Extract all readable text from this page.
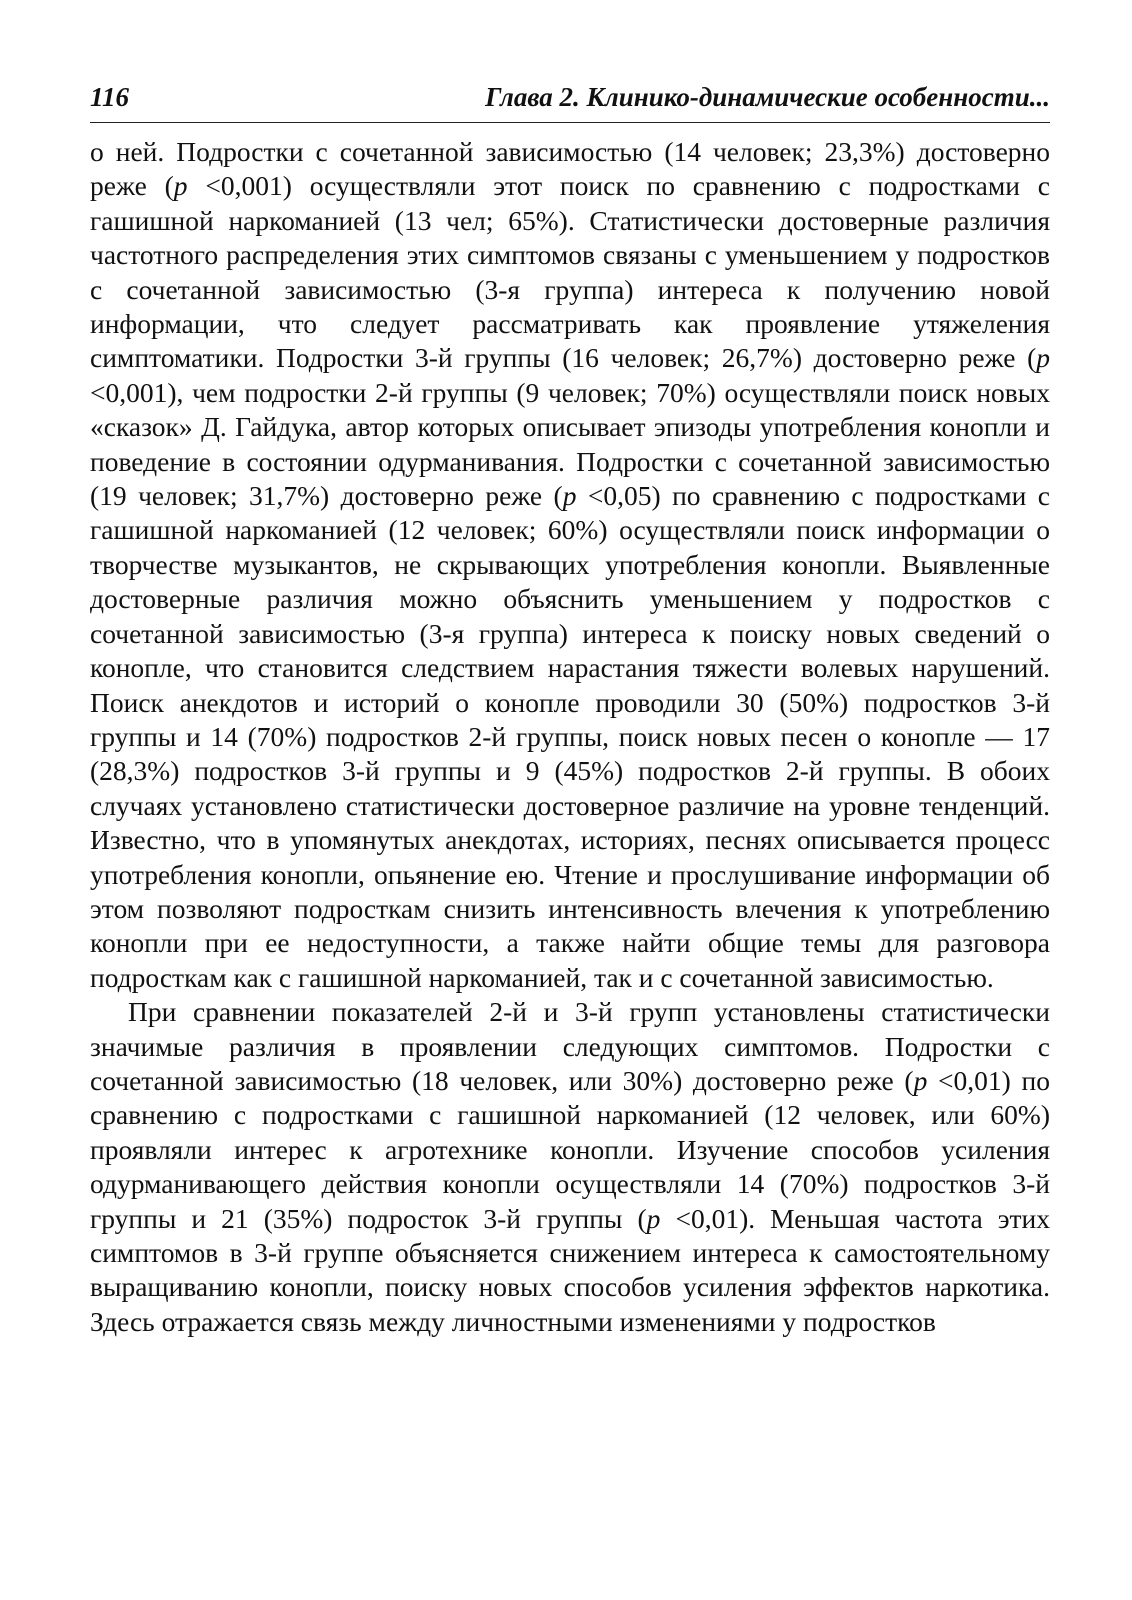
116	Глава 2. Клинико-динамические особенности...

о ней. Подростки с сочетанной зависимостью (14 человек; 23,3%) достоверно реже (p <0,001) осуществляли этот поиск по сравнению с подростками с гашишной наркоманией (13 чел; 65%). Статистически достоверные различия частотного распределения этих симптомов связаны с уменьшением у подростков с сочетанной зависимостью (3-я группа) интереса к получению новой информации, что следует рассматривать как проявление утяжеления симптоматики. Подростки 3-й группы (16 человек; 26,7%) достоверно реже (p <0,001), чем подростки 2-й группы (9 человек; 70%) осуществляли поиск новых «сказок» Д. Гайдука, автор которых описывает эпизоды употребления конопли и поведение в состоянии одурманивания. Подростки с сочетанной зависимостью (19 человек; 31,7%) достоверно реже (p <0,05) по сравнению с подростками с гашишной наркоманией (12 человек; 60%) осуществляли поиск информации о творчестве музыкантов, не скрывающих употребления конопли. Выявленные достоверные различия можно объяснить уменьшением у подростков с сочетанной зависимостью (3-я группа) интереса к поиску новых сведений о конопле, что становится следствием нарастания тяжести волевых нарушений. Поиск анекдотов и историй о конопле проводили 30 (50%) подростков 3-й группы и 14 (70%) подростков 2-й группы, поиск новых песен о конопле — 17 (28,3%) подростков 3-й группы и 9 (45%) подростков 2-й группы. В обоих случаях установлено статистически достоверное различие на уровне тенденций. Известно, что в упомянутых анекдотах, историях, песнях описывается процесс употребления конопли, опьянение ею. Чтение и прослушивание информации об этом позволяют подросткам снизить интенсивность влечения к употреблению конопли при ее недоступности, а также найти общие темы для разговора подросткам как с гашишной наркоманией, так и с сочетанной зависимостью.

При сравнении показателей 2-й и 3-й групп установлены статистически значимые различия в проявлении следующих симптомов. Подростки с сочетанной зависимостью (18 человек, или 30%) достоверно реже (p <0,01) по сравнению с подростками с гашишной наркоманией (12 человек, или 60%) проявляли интерес к агротехнике конопли. Изучение способов усиления одурманивающего действия конопли осуществляли 14 (70%) подростков 3-й группы и 21 (35%) подросток 3-й группы (p <0,01). Меньшая частота этих симптомов в 3-й группе объясняется снижением интереса к самостоятельному выращиванию конопли, поиску новых способов усиления эффектов наркотика. Здесь отражается связь между личностными изменениями у подростков
